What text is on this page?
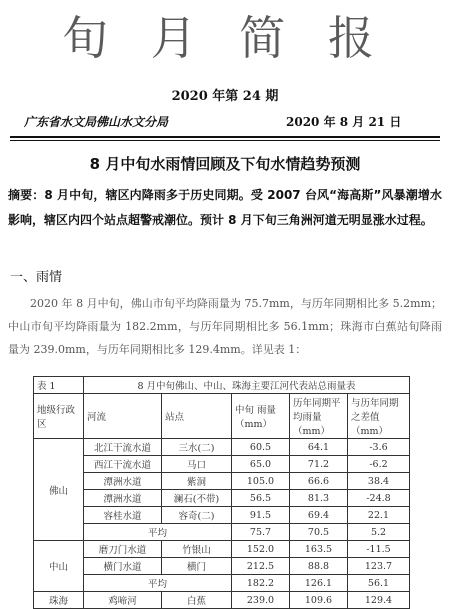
旬 月 简 报
2020 年第 24 期
广东省水文局佛山水文分局	2020 年 8 月 21 日
8 月中旬水雨情回顾及下旬水情趋势预测
摘要：8 月中旬，辖区内降雨多于历史同期。受 2007 台风“海高斯”风暴潮增水影响，辖区内四个站点超警戒潮位。预计 8 月下旬三角洲河道无明显涨水过程。
一、雨情
2020 年 8 月中旬，佛山市旬平均降雨量为 75.7mm，与历年同期相比多 5.2mm；中山市旬平均降雨量为 182.2mm，与历年同期相比多 56.1mm；珠海市白蕉站旬降雨量为 239.0mm，与历年同期相比多 129.4mm。详见表 1：
表 1	8 月中旬佛山、中山、珠海主要江河代表站总雨量表				
地级行政区	河流	站点	中旬 雨量（mm）	历年同期平均雨量（mm）	与历年同期之差值（mm）
佛山	北江干流水道	三水(二)	60.5	64.1	-3.6
	西江干流水道	马口	65.0	71.2	-6.2
	潭洲水道	紫洞	105.0	66.6	38.4
	潭洲水道	澜石(不带)	56.5	81.3	-24.8
	容桂水道	容奇(二)	91.5	69.4	22.1
	平均		75.7	70.5	5.2
中山	磨刀门水道	竹银山	152.0	163.5	-11.5
	横门水道	横门	212.5	88.8	123.7
	平均		182.2	126.1	56.1
珠海	鸡啼河	白蕉	239.0	109.6	129.4
